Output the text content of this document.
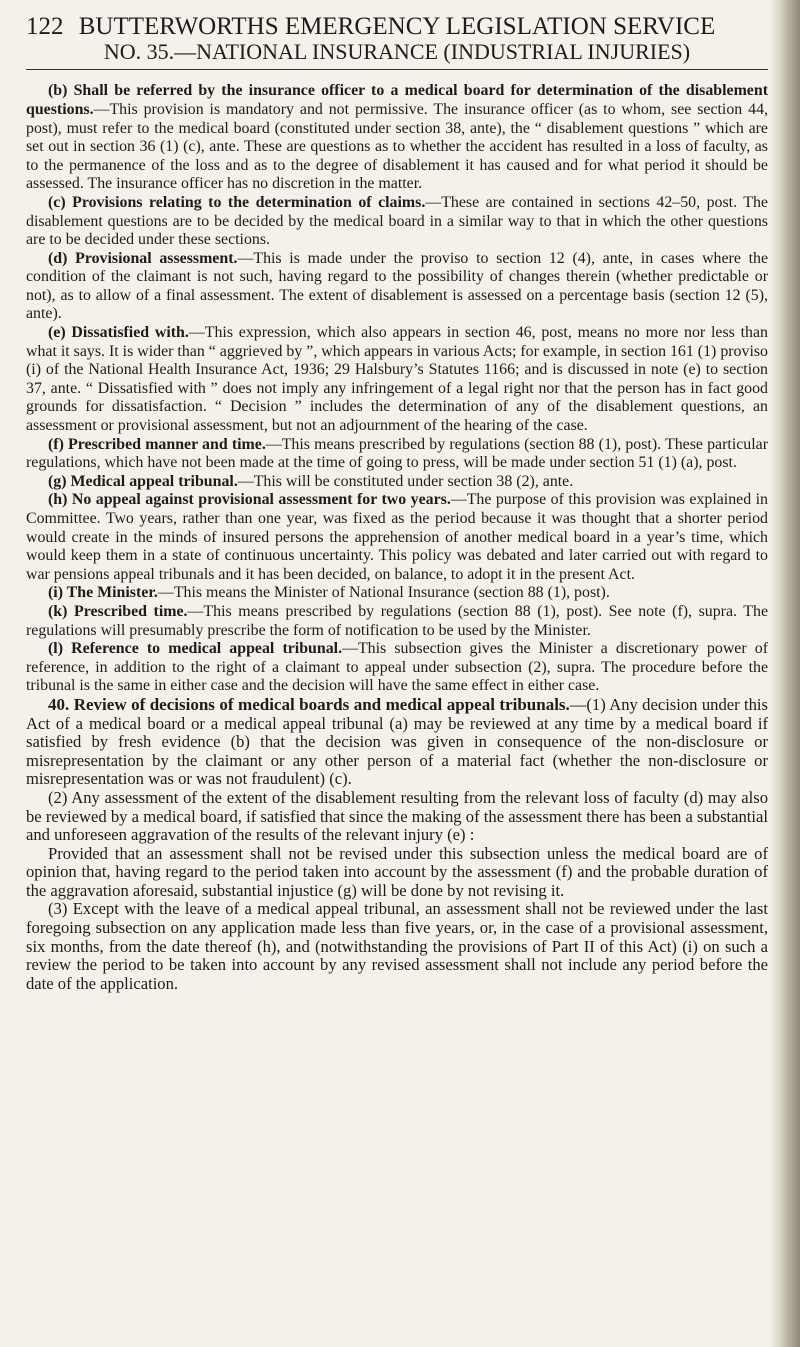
122 BUTTERWORTHS EMERGENCY LEGISLATION SERVICE
NO. 35.—NATIONAL INSURANCE (INDUSTRIAL INJURIES)

(b) Shall be referred by the insurance officer to a medical board for determination of the disablement questions.—This provision is mandatory and not permissive. The insurance officer (as to whom, see section 44, post), must refer to the medical board (constituted under section 38, ante), the “ disablement questions ” which are set out in section 36 (1) (c), ante. These are questions as to whether the accident has resulted in a loss of faculty, as to the permanence of the loss and as to the degree of disablement it has caused and for what period it should be assessed. The insurance officer has no discretion in the matter.

(c) Provisions relating to the determination of claims.—These are contained in sections 42–50, post. The disablement questions are to be decided by the medical board in a similar way to that in which the other questions are to be decided under these sections.

(d) Provisional assessment.—This is made under the proviso to section 12 (4), ante, in cases where the condition of the claimant is not such, having regard to the possibility of changes therein (whether predictable or not), as to allow of a final assessment. The extent of disablement is assessed on a percentage basis (section 12 (5), ante).

(e) Dissatisfied with.—This expression, which also appears in section 46, post, means no more nor less than what it says. It is wider than “ aggrieved by ”, which appears in various Acts; for example, in section 161 (1) proviso (i) of the National Health Insurance Act, 1936; 29 Halsbury’s Statutes 1166; and is discussed in note (e) to section 37, ante. “ Dissatisfied with ” does not imply any infringement of a legal right nor that the person has in fact good grounds for dissatisfaction. “ Decision ” includes the determination of any of the disablement questions, an assessment or provisional assessment, but not an adjournment of the hearing of the case.

(f) Prescribed manner and time.—This means prescribed by regulations (section 88 (1), post). These particular regulations, which have not been made at the time of going to press, will be made under section 51 (1) (a), post.

(g) Medical appeal tribunal.—This will be constituted under section 38 (2), ante.

(h) No appeal against provisional assessment for two years.—The purpose of this provision was explained in Committee. Two years, rather than one year, was fixed as the period because it was thought that a shorter period would create in the minds of insured persons the apprehension of another medical board in a year’s time, which would keep them in a state of continuous uncertainty. This policy was debated and later carried out with regard to war pensions appeal tribunals and it has been decided, on balance, to adopt it in the present Act.

(i) The Minister.—This means the Minister of National Insurance (section 88 (1), post).

(k) Prescribed time.—This means prescribed by regulations (section 88 (1), post). See note (f), supra. The regulations will presumably prescribe the form of notification to be used by the Minister.

(l) Reference to medical appeal tribunal.—This subsection gives the Minister a discretionary power of reference, in addition to the right of a claimant to appeal under subsection (2), supra. The procedure before the tribunal is the same in either case and the decision will have the same effect in either case.

40. Review of decisions of medical boards and medical appeal tribunals.—(1) Any decision under this Act of a medical board or a medical appeal tribunal (a) may be reviewed at any time by a medical board if satisfied by fresh evidence (b) that the decision was given in consequence of the non-disclosure or misrepresentation by the claimant or any other person of a material fact (whether the non-disclosure or misrepresentation was or was not fraudulent) (c).

(2) Any assessment of the extent of the disablement resulting from the relevant loss of faculty (d) may also be reviewed by a medical board, if satisfied that since the making of the assessment there has been a substantial and unforeseen aggravation of the results of the relevant injury (e) :

Provided that an assessment shall not be revised under this subsection unless the medical board are of opinion that, having regard to the period taken into account by the assessment (f) and the probable duration of the aggravation aforesaid, substantial injustice (g) will be done by not revising it.

(3) Except with the leave of a medical appeal tribunal, an assessment shall not be reviewed under the last foregoing subsection on any application made less than five years, or, in the case of a provisional assessment, six months, from the date thereof (h), and (notwithstanding the provisions of Part II of this Act) (i) on such a review the period to be taken into account by any revised assessment shall not include any period before the date of the application.
